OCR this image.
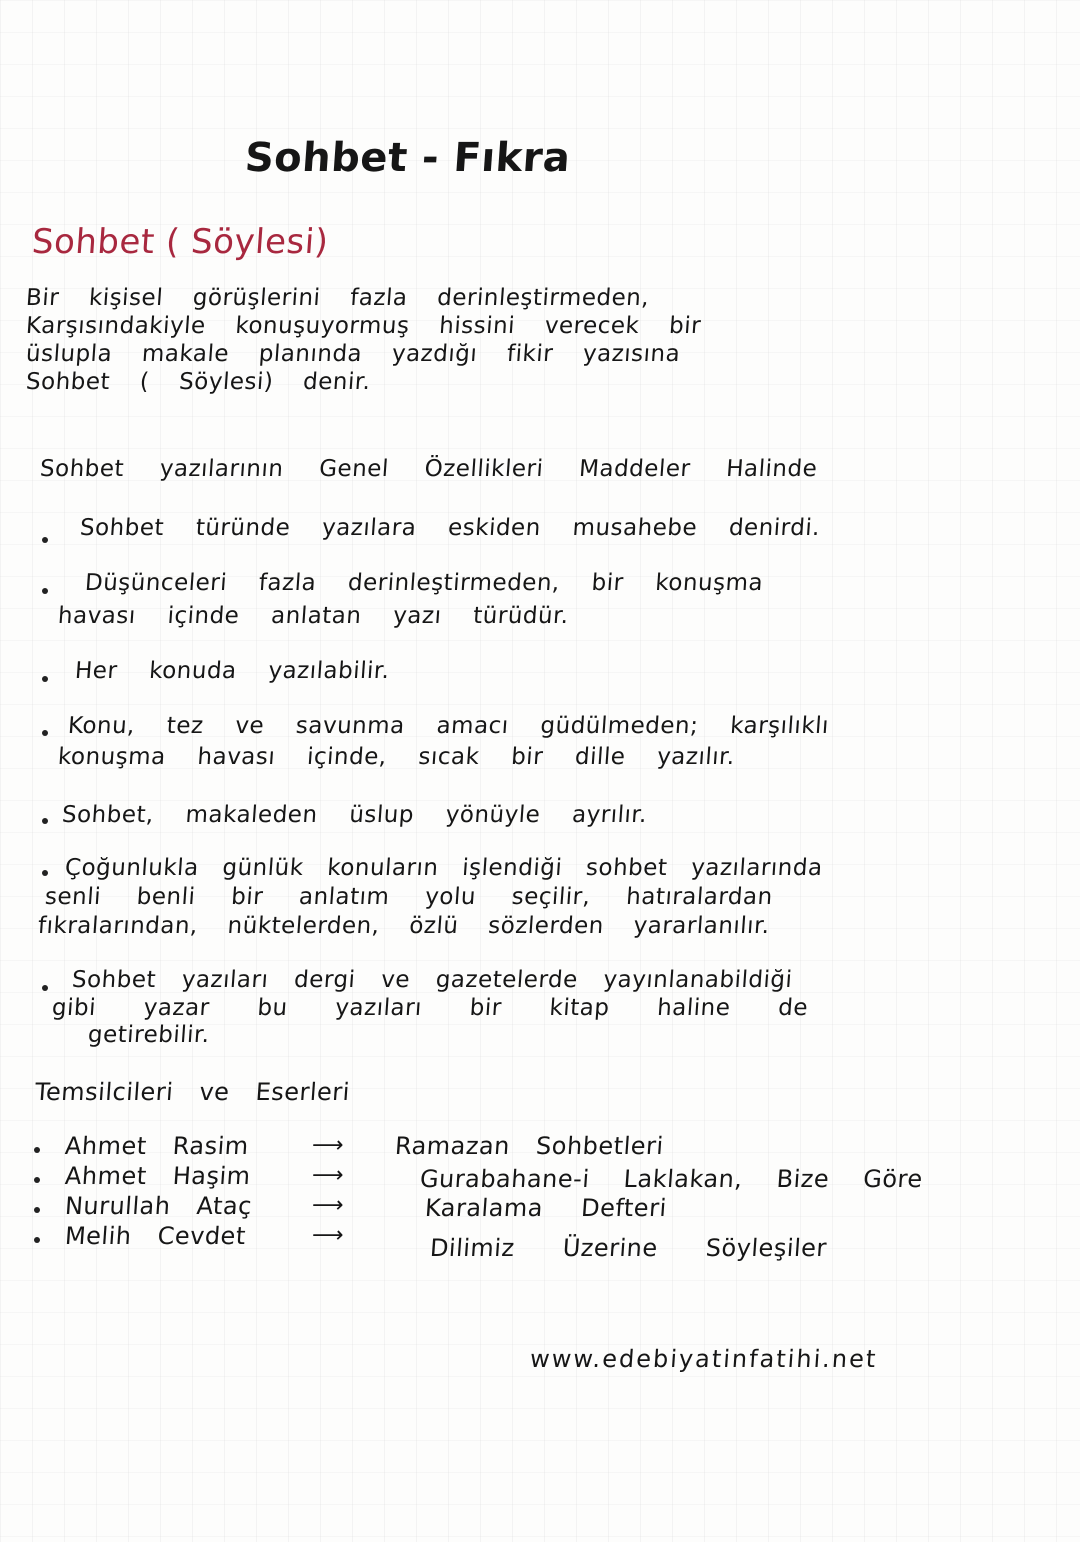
Sohbet - Fıkra
Sohbet ( Söylesi)
Bir kişisel görüşlerini fazla derinleştirmeden,
Karşısındakiyle konuşuyormuş hissini verecek bir
üslupla makale planında yazdığı fikir yazısına
Sohbet ( Söylesi) denir.
Sohbet yazılarının Genel Özellikleri Maddeler Halinde
Sohbet türünde yazılara eskiden musahebe denirdi.
Düşünceleri fazla derinleştirmeden, bir konuşma
havası içinde anlatan yazı türüdür.
Her konuda yazılabilir.
Konu, tez ve savunma amacı güdülmeden; karşılıklı
konuşma havası içinde, sıcak bir dille yazılır.
Sohbet, makaleden üslup yönüyle ayrılır.
Çoğunlukla günlük konuların işlendiği sohbet yazılarında
senli benli bir anlatım yolu seçilir, hatıralardan
fıkralarından, nüktelerden, özlü sözlerden yararlanılır.
Sohbet yazıları dergi ve gazetelerde yayınlanabildiği
gibi yazar bu yazıları bir kitap haline de
getirebilir.
Temsilcileri ve Eserleri
Ahmet Rasim	⟶ Ramazan Sohbetleri
Ahmet Haşim	⟶	Gurabahane-i Laklakan, Bize Göre
Nurullah Ataç	⟶	Karalama Defteri
Melih Cevdet	⟶	Dilimiz Üzerine Söyleşiler
www.edebiyatinfatihi.net
